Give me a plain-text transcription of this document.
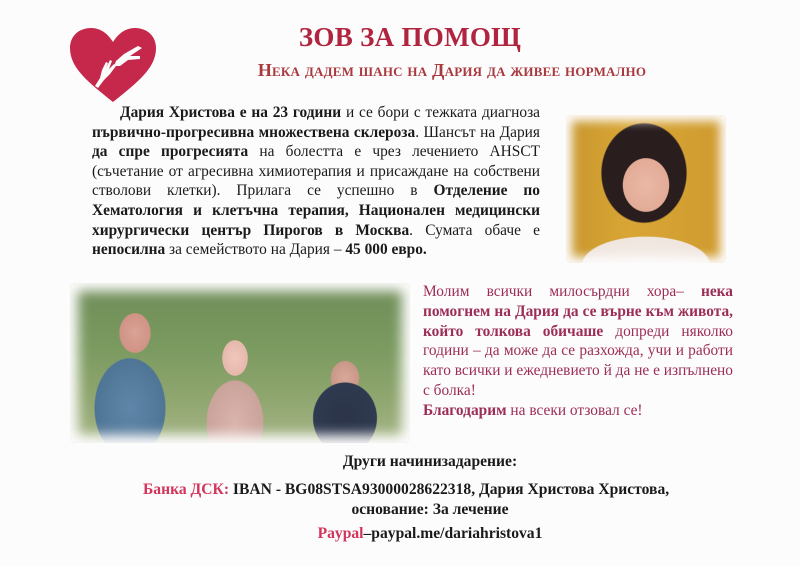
ЗОВ ЗА ПОМОЩ
Нека дадем шанс на Дария да живее нормално
Дария Христова е на 23 години и се бори с тежката диагноза първично-прогресивна множествена склероза. Шансът на Дария да спре прогресията на болестта е чрез лечението AHSCT (съчетание от агресивна химиотерапия и присаждане на собствени стволови клетки). Прилага се успешно в Отделение по Хематология и клетъчна терапия, Национален медицински хирургически център Пирогов в Москва. Сумата обаче е непосилна за семейството на Дария – 45 000 евро.
Молим всички милосърдни хора– нека помогнем на Дария да се върне към живота, който толкова обичаше допреди няколко години – да може да се разхожда, учи и работи като всички и ежедневието й да не е изпълнено с болка!
Благодарим на всеки отзовал се!
Други начинизадарение:
Банка ДСК: IBAN - BG08STSA93000028622318, Дария Христова Христова,
основание: За лечение
Paypal–paypal.me/dariahristova1
